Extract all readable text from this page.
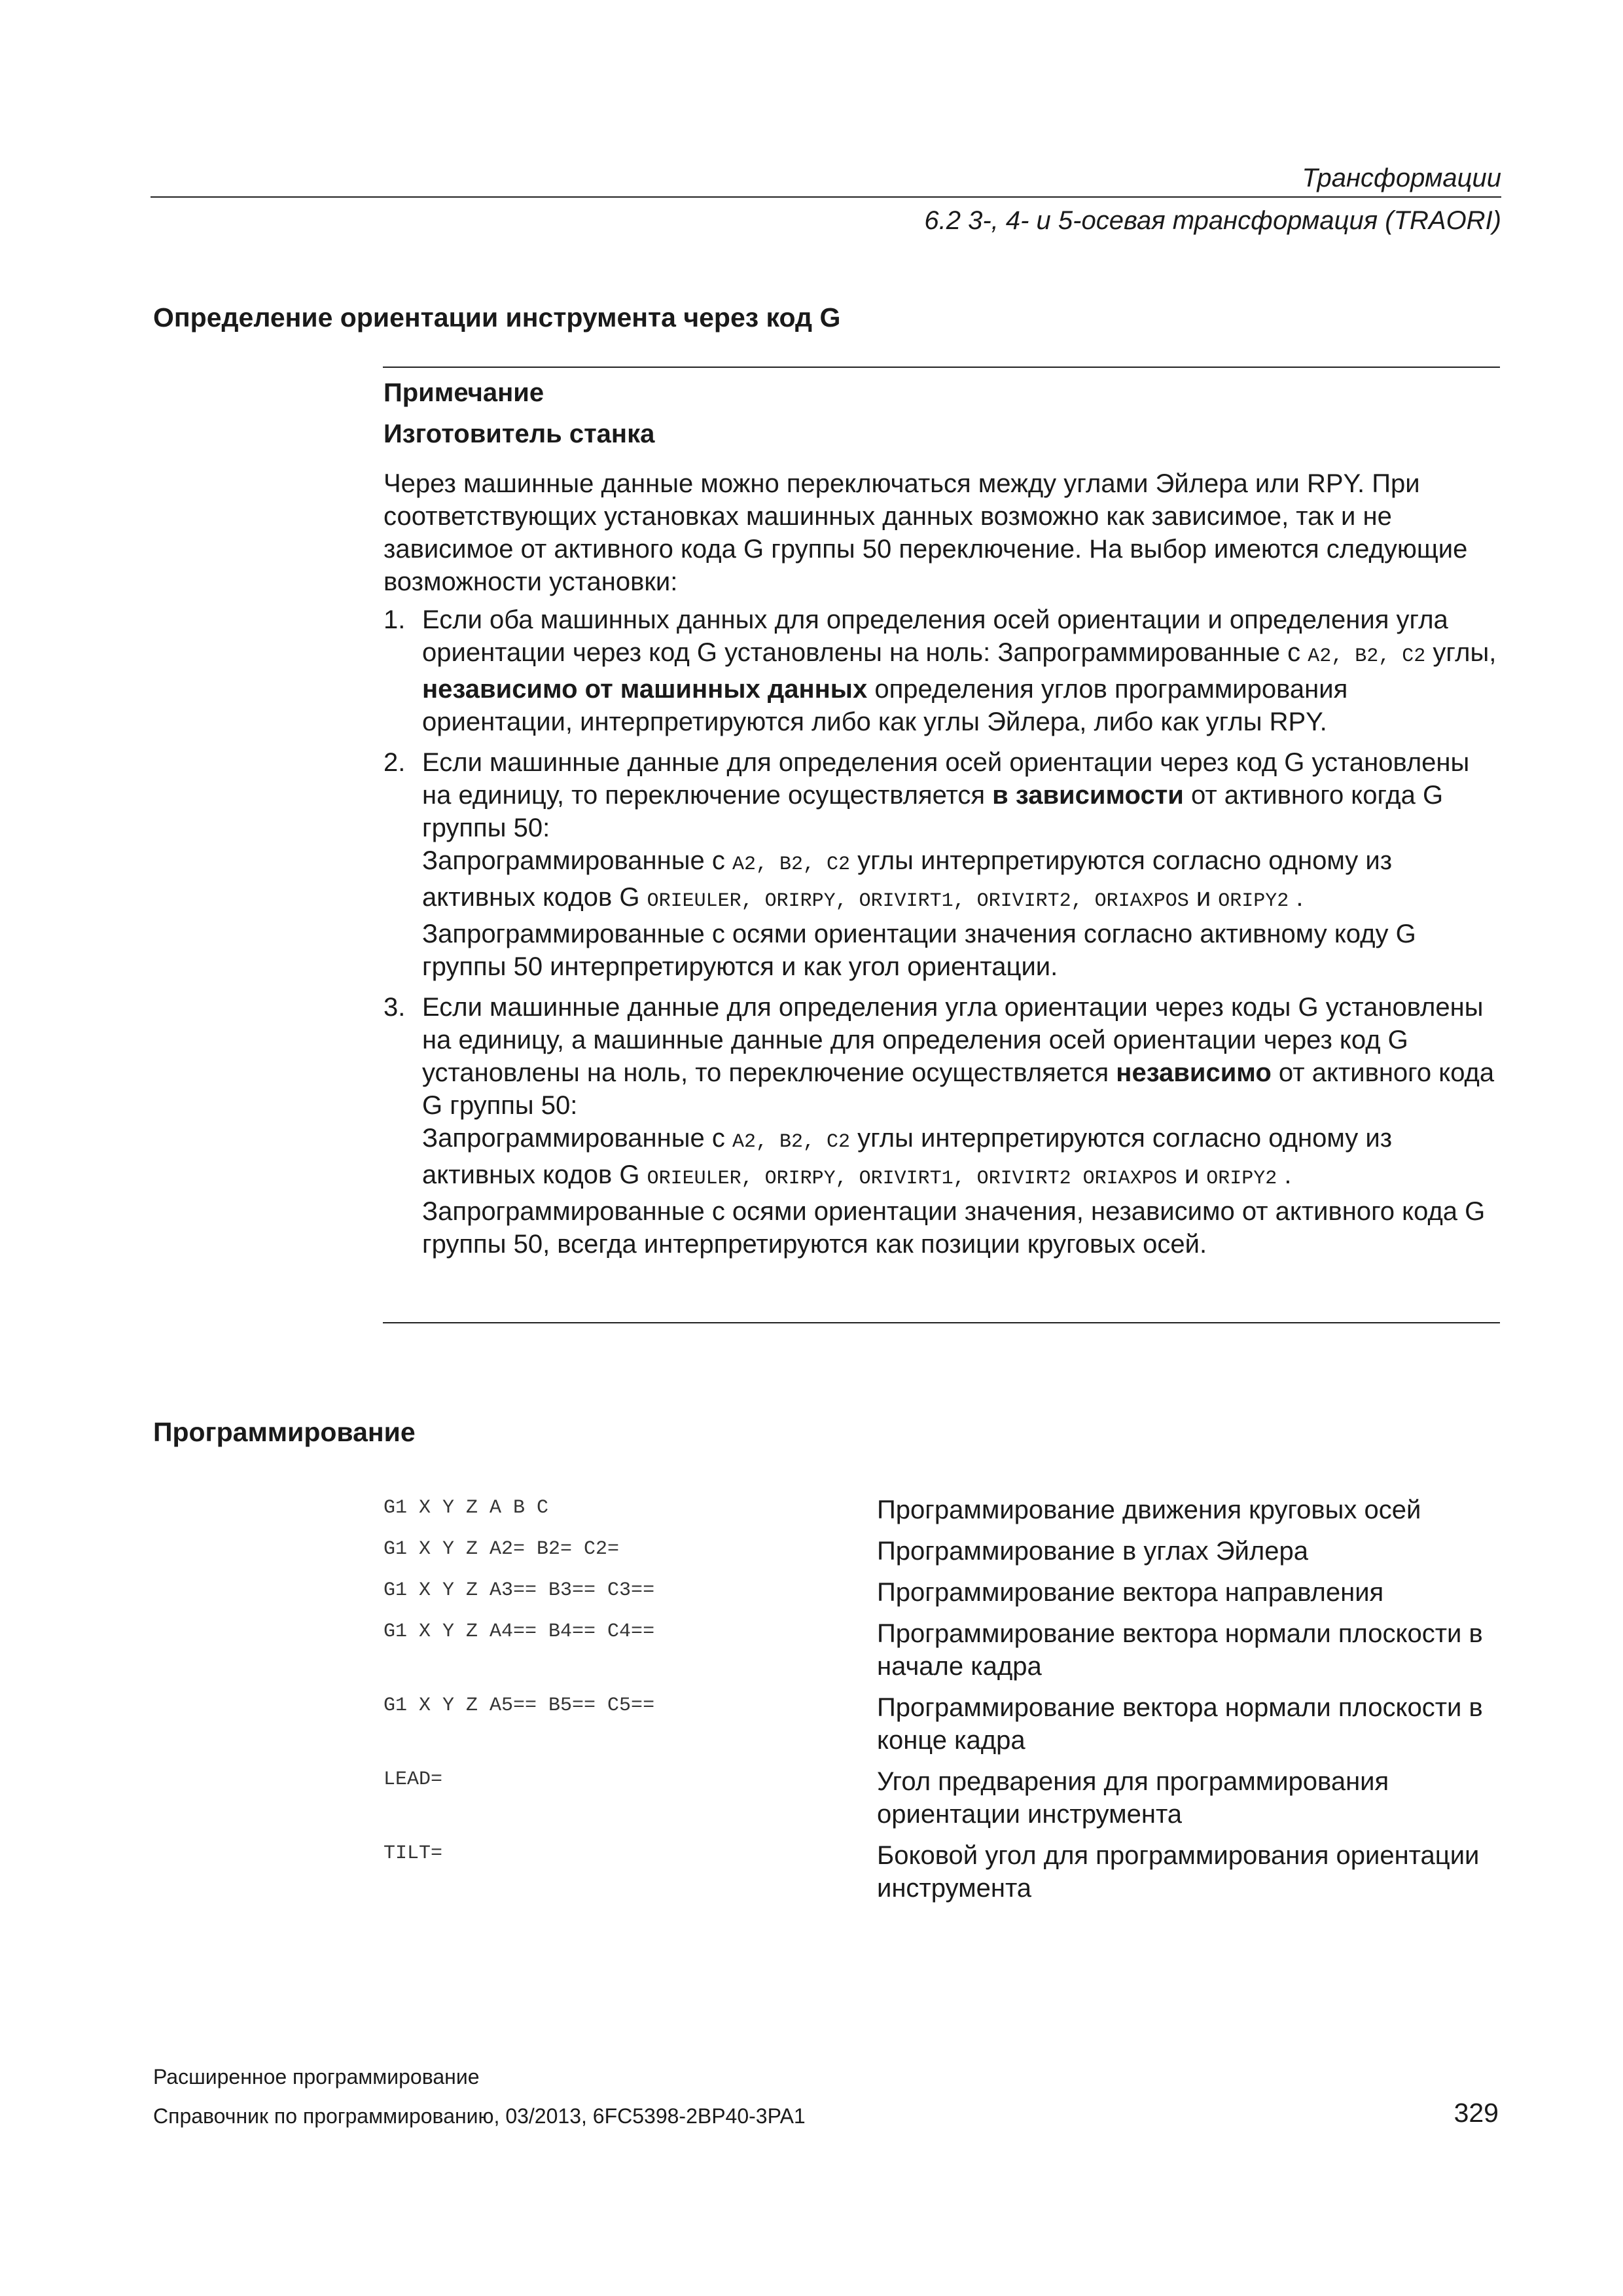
Трансформации
6.2 3-, 4- и 5-осевая трансформация (TRAORI)
Определение ориентации инструмента через код G
Примечание
Изготовитель станка
Через машинные данные можно переключаться между углами Эйлера или RPY. При соответствующих установках машинных данных возможно как зависимое, так и не зависимое от активного кода G группы 50 переключение. На выбор имеются следующие возможности установки:
1. Если оба машинных данных для определения осей ориентации и определения угла ориентации через код G установлены на ноль: Запрограммированные с A2, B2, C2 углы, независимо от машинных данных определения углов программирования ориентации, интерпретируются либо как углы Эйлера, либо как углы RPY.
2. Если машинные данные для определения осей ориентации через код G установлены на единицу, то переключение осуществляется в зависимости от активного когда G группы 50:
Запрограммированные с A2, B2, C2 углы интерпретируются согласно одному из активных кодов G ORIEULER, ORIRPY, ORIVIRT1, ORIVIRT2, ORIAXPOS и ORIPY2 .
Запрограммированные с осями ориентации значения согласно активному коду G группы 50 интерпретируются и как угол ориентации.
3. Если машинные данные для определения угла ориентации через коды G установлены на единицу, а машинные данные для определения осей ориентации через код G установлены на ноль, то переключение осуществляется независимо от активного кода G группы 50:
Запрограммированные с A2, B2, C2 углы интерпретируются согласно одному из активных кодов G ORIEULER, ORIRPY, ORIVIRT1, ORIVIRT2 ORIAXPOS и ORIPY2 .
Запрограммированные с осями ориентации значения, независимо от активного кода G группы 50, всегда интерпретируются как позиции круговых осей.
Программирование
G1 X Y Z A B C	Программирование движения круговых осей
G1 X Y Z A2= B2= C2=	Программирование в углах Эйлера
G1 X Y Z A3== B3== C3==	Программирование вектора направления
G1 X Y Z A4== B4== C4==	Программирование вектора нормали плоскости в начале кадра
G1 X Y Z A5== B5== C5==	Программирование вектора нормали плоскости в конце кадра
LEAD=	Угол предварения для программирования ориентации инструмента
TILT=	Боковой угол для программирования ориентации инструмента
Расширенное программирование
Справочник по программированию, 03/2013, 6FC5398-2BP40-3PA1	329
